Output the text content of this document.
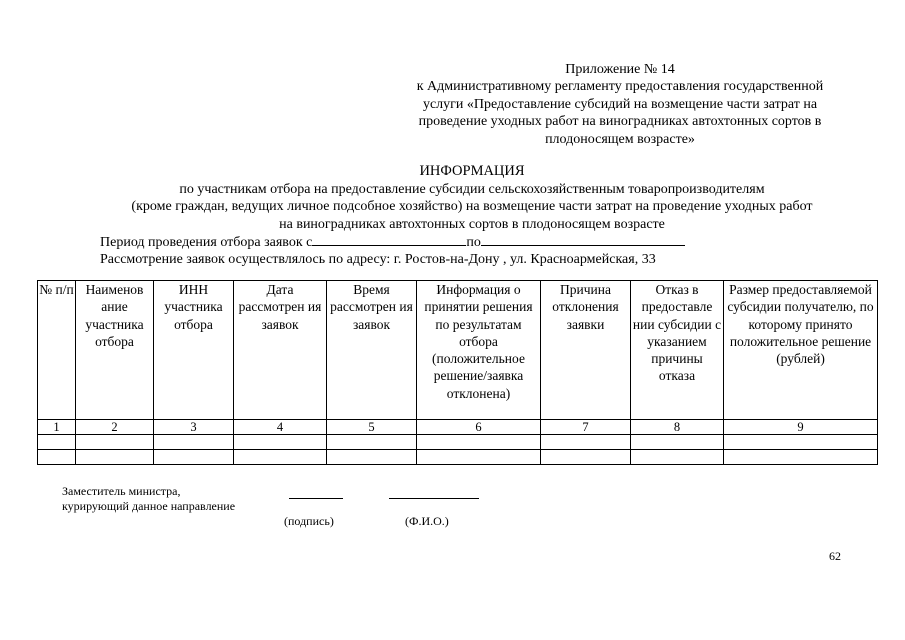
Приложение № 14
к Административному регламенту предоставления государственной
услуги «Предоставление субсидий на возмещение части затрат на
проведение уходных работ на виноградниках автохтонных сортов в
плодоносящем возрасте»
ИНФОРМАЦИЯ
по участникам отбора на предоставление субсидии сельскохозяйственным товаропроизводителям
(кроме граждан, ведущих личное подсобное хозяйство) на возмещение части затрат на проведение уходных работ
на виноградниках автохтонных сортов в плодоносящем возрасте
Период проведения отбора заявок с	по
Рассмотрение заявок осуществлялось по адресу: г. Ростов-на-Дону , ул. Красноармейская, 33
№ п/п	Наименов ание участника отбора	ИНН участника отбора	Дата рассмотрен ия заявок	Время рассмотрен ия заявок	Информация о принятии решения по результатам отбора (положительное решение/заявка отклонена)	Причина отклонения заявки	Отказ в предоставле нии субсидии с указанием причины отказа	Размер предоставляемой субсидии получателю, по которому принято положительное решение (рублей)
1	2	3	4	5	6	7	8	9

Заместитель министра,
курирующий данное направление
(подпись)	(Ф.И.О.)
62
